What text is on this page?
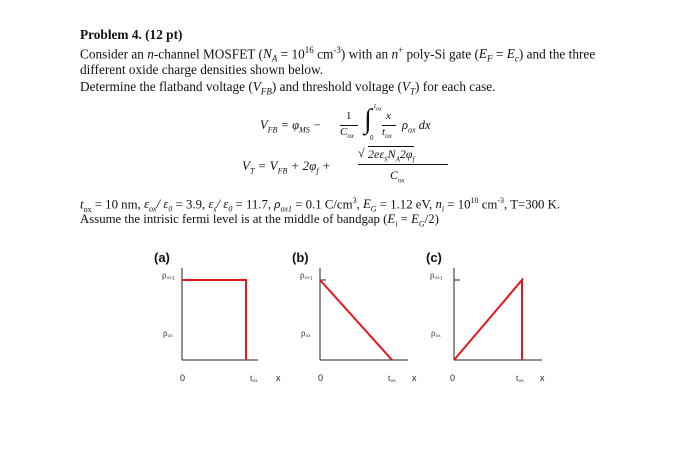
Problem 4. (12 pt)
Consider an n-channel MOSFET ($N_A = 10^{16}$ $cm^{-3}$) with an n+ poly-Si gate $(E_F = E_c)$ and the three
different oxide charge densities shown below.
Determine the flatband voltage $(V_{FB})$ and threshold voltage $(V_T)$ for each case.
$V_{FB} = \varphi_{MS}$ −
1
$C_{ox}$
∫ $t_{ox}$
0
x
$t_{ox}$
$\rho_{ox}$ dx
$V_T = V_{FB} + 2\varphi_f$ +
√ $2e\varepsilon_SN_A2\varphi_f$
$C_{ox}$
$t_{ox} = 10$ nm, $\varepsilon_{ox}/$ $\varepsilon_0 = 3.9$, $\varepsilon_s/$ $\varepsilon_0 = 11.7$, $\rho_{ox1} = 0.1$ $C/cm^3$, $E_G = 1.12$ eV, $n_i = 10^{10}$ $cm^{-3}$, T=300 K.
Assume the intrisic fermi level is at the middle of bandgap $(E_i = E_G/2)$
(a)
ρₒₓ₁
ρₒₓ
0	tₒₓ x
(b)
ρₒₓ₁
ρₒₓ
0	tₒₓ x
(c)
ρₒₓ₁
ρₒₓ
0	tₒₓ x
